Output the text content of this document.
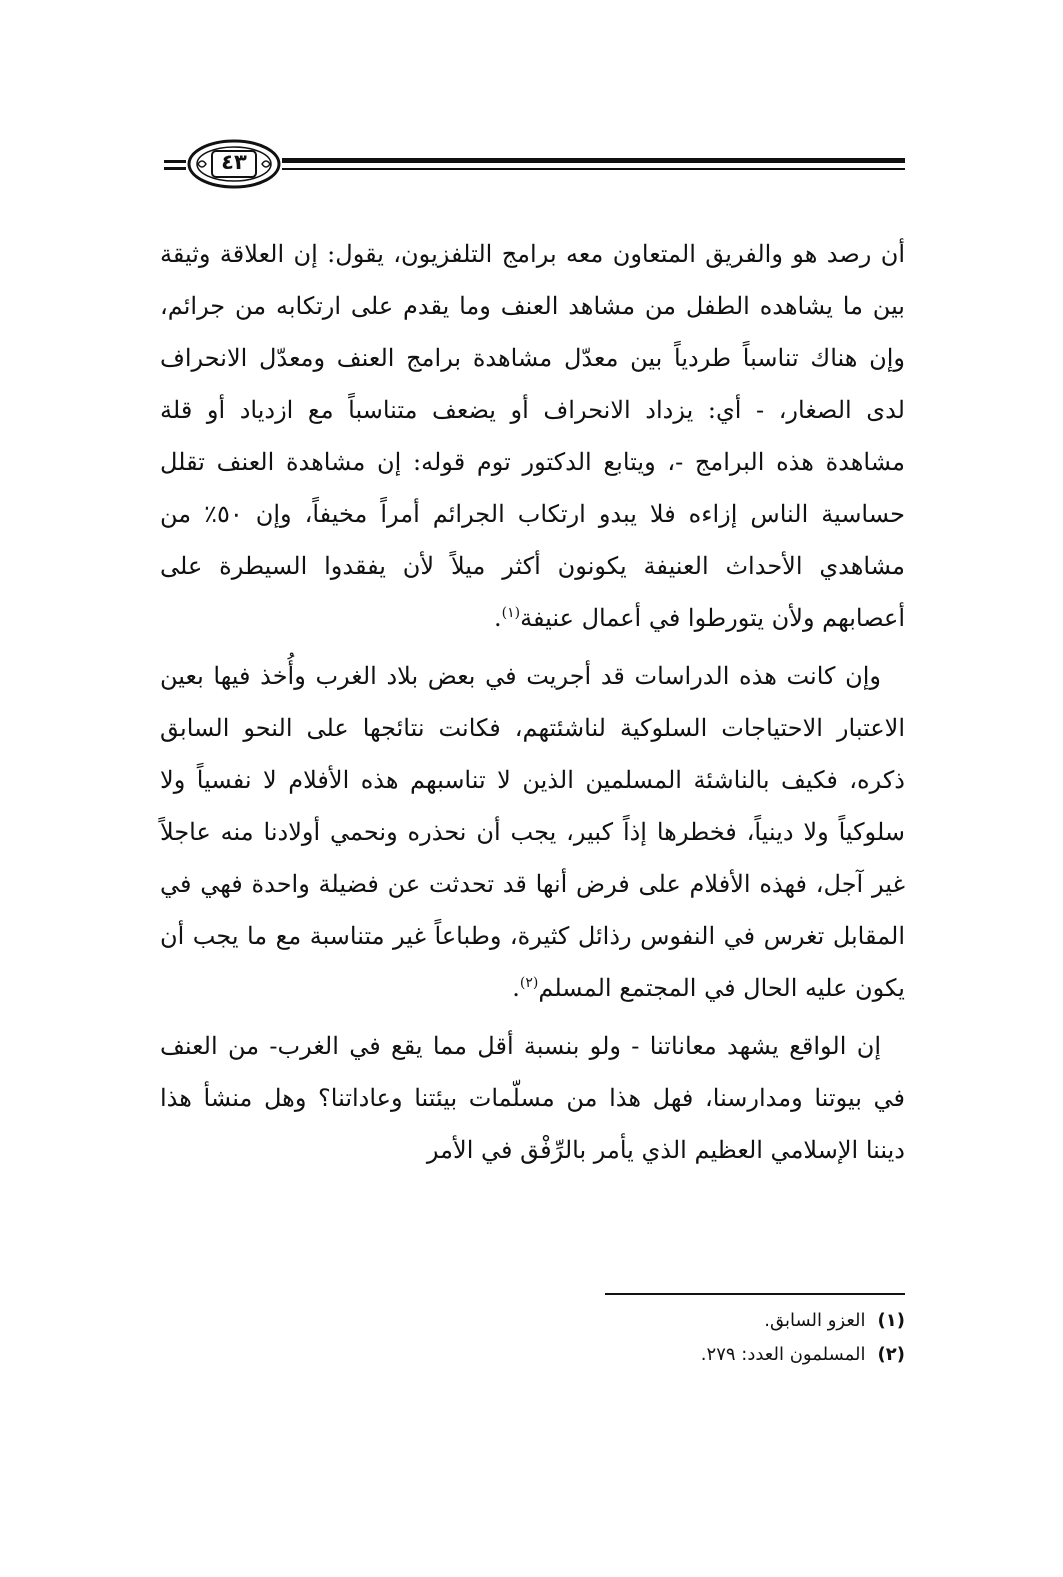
٤٣

أن رصد هو والفريق المتعاون معه برامج التلفزيون، يقول: إن العلاقة وثيقة بين ما يشاهده الطفل من مشاهد العنف وما يقدم على ارتكابه من جرائم، وإن هناك تناسباً طردياً بين معدّل مشاهدة برامج العنف ومعدّل الانحراف لدى الصغار، - أي: يزداد الانحراف أو يضعف متناسباً مع ازدياد أو قلة مشاهدة هذه البرامج -، ويتابع الدكتور توم قوله: إن مشاهدة العنف تقلل حساسية الناس إزاءه فلا يبدو ارتكاب الجرائم أمراً مخيفاً، وإن ٥٠٪ من مشاهدي الأحداث العنيفة يكونون أكثر ميلاً لأن يفقدوا السيطرة على أعصابهم ولأن يتورطوا في أعمال عنيفة$^{(١)}$.

وإن كانت هذه الدراسات قد أجريت في بعض بلاد الغرب وأُخذ فيها بعين الاعتبار الاحتياجات السلوكية لناشئتهم، فكانت نتائجها على النحو السابق ذكره، فكيف بالناشئة المسلمين الذين لا تناسبهم هذه الأفلام لا نفسياً ولا سلوكياً ولا دينياً، فخطرها إذاً كبير، يجب أن نحذره ونحمي أولادنا منه عاجلاً غير آجل، فهذه الأفلام على فرض أنها قد تحدثت عن فضيلة واحدة فهي في المقابل تغرس في النفوس رذائل كثيرة، وطباعاً غير متناسبة مع ما يجب أن يكون عليه الحال في المجتمع المسلم$^{(٢)}$.

إن الواقع يشهد معاناتنا - ولو بنسبة أقل مما يقع في الغرب- من العنف في بيوتنا ومدارسنا، فهل هذا من مسلّمات بيئتنا وعاداتنا؟ وهل منشأ هذا ديننا الإسلامي العظيم الذي يأمر بالرِّفْق في الأمر

(١)العزو السابق.
(٢)المسلمون العدد: ٢٧٩.
